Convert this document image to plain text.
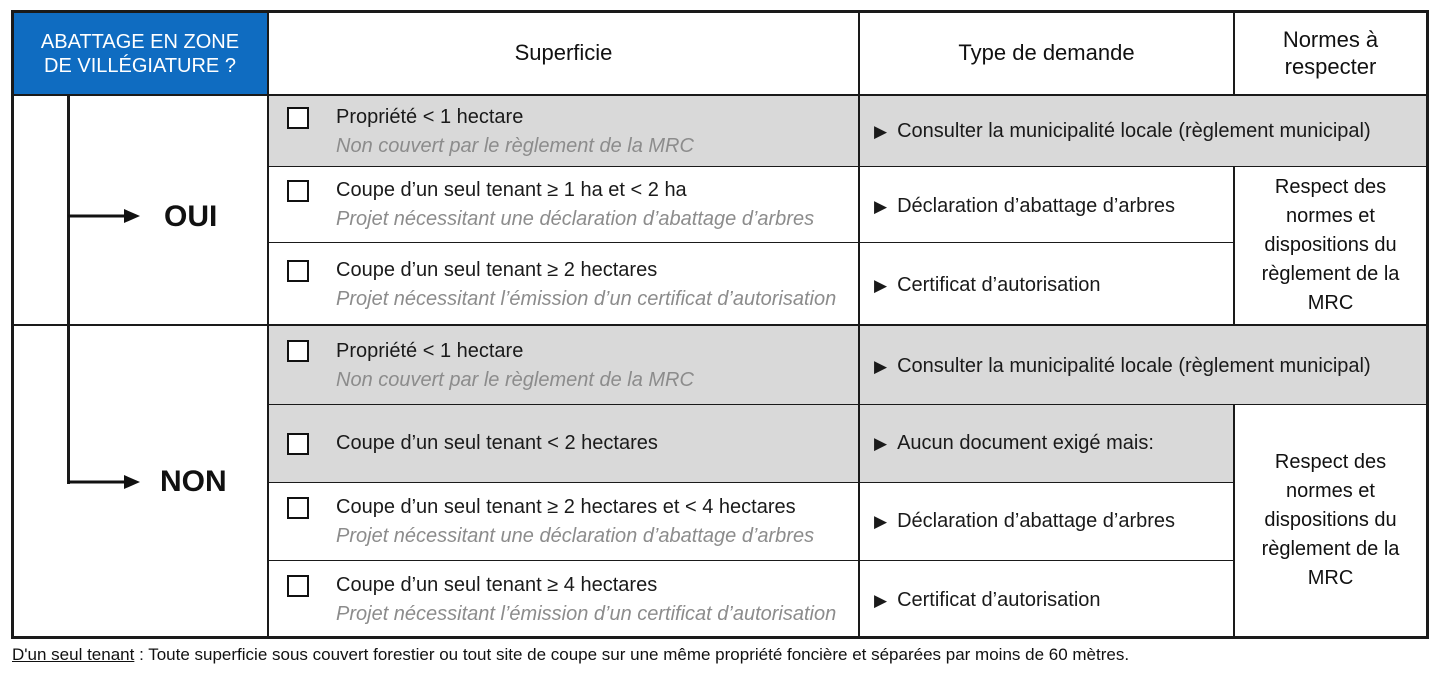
ABATTAGE EN ZONE
DE VILLÉGIATURE ?
Superficie	Type de demande
Normes à
respecter
OUI
NON
Propriété < 1 hectare
Non couvert par le règlement de la MRC
▶ Consulter la municipalité locale (règlement municipal)
Coupe d’un seul tenant ≥ 1 ha et < 2 ha
Projet nécessitant une déclaration d’abattage d’arbres
▶ Déclaration d’abattage d’arbres
Coupe d’un seul tenant ≥ 2 hectares
Projet nécessitant l’émission d’un certificat d’autorisation
▶ Certificat d’autorisation
Respect des normes et dispositions du règlement de la MRC
Propriété < 1 hectare
Non couvert par le règlement de la MRC
▶ Consulter la municipalité locale (règlement municipal)
Coupe d’un seul tenant < 2 hectares	▶ Aucun document exigé mais:
Coupe d’un seul tenant ≥ 2 hectares et < 4 hectares
Projet nécessitant une déclaration d’abattage d’arbres
▶ Déclaration d’abattage d’arbres
Coupe d’un seul tenant ≥ 4 hectares
Projet nécessitant l’émission d’un certificat d’autorisation
▶ Certificat d’autorisation
Respect des normes et dispositions du règlement de la MRC
D'un seul tenant : Toute superficie sous couvert forestier ou tout site de coupe sur une même propriété foncière et séparées par moins de 60 mètres.
